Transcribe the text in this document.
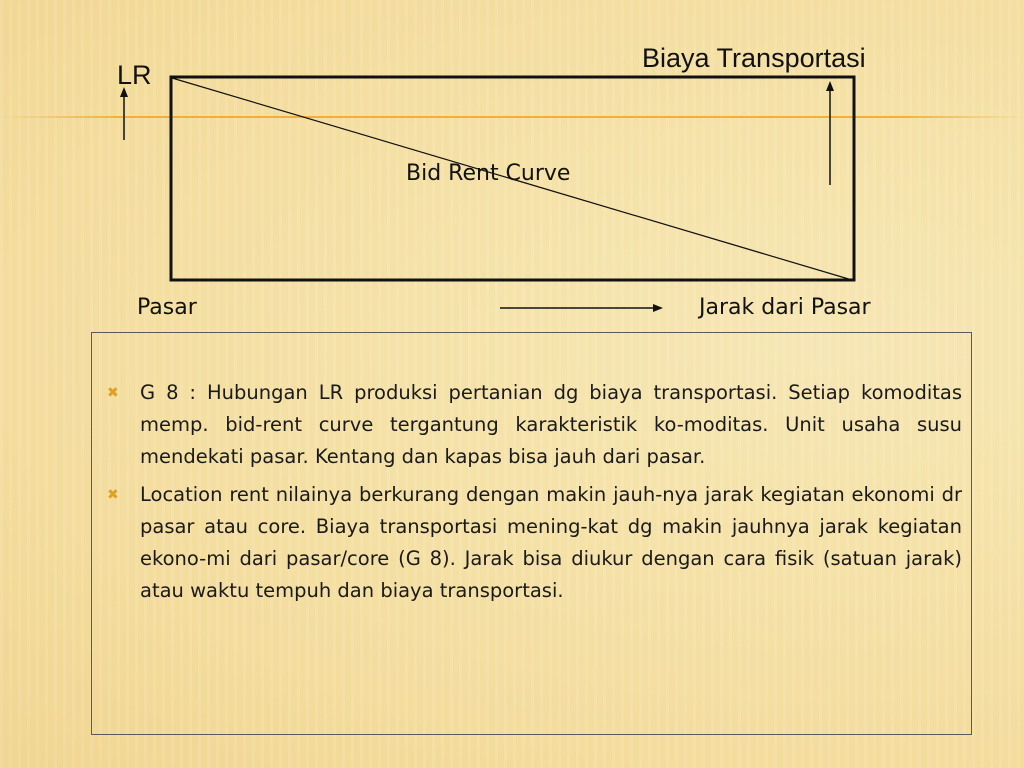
LR
Biaya Transportasi
Bid Rent Curve
Pasar	Jarak dari Pasar
✖ G 8 : Hubungan LR produksi pertanian dg biaya transportasi. Setiap komoditas memp. bid-rent curve tergantung karakteristik ko-moditas. Unit usaha susu mendekati pasar. Kentang dan kapas bisa jauh dari pasar.
✖ Location rent nilainya berkurang dengan makin jauh-nya jarak kegiatan ekonomi dr pasar atau core. Biaya transportasi mening-kat dg makin jauhnya jarak kegiatan ekono-mi dari pasar/core (G 8). Jarak bisa diukur dengan cara fisik (satuan jarak) atau waktu tempuh dan biaya transportasi.
